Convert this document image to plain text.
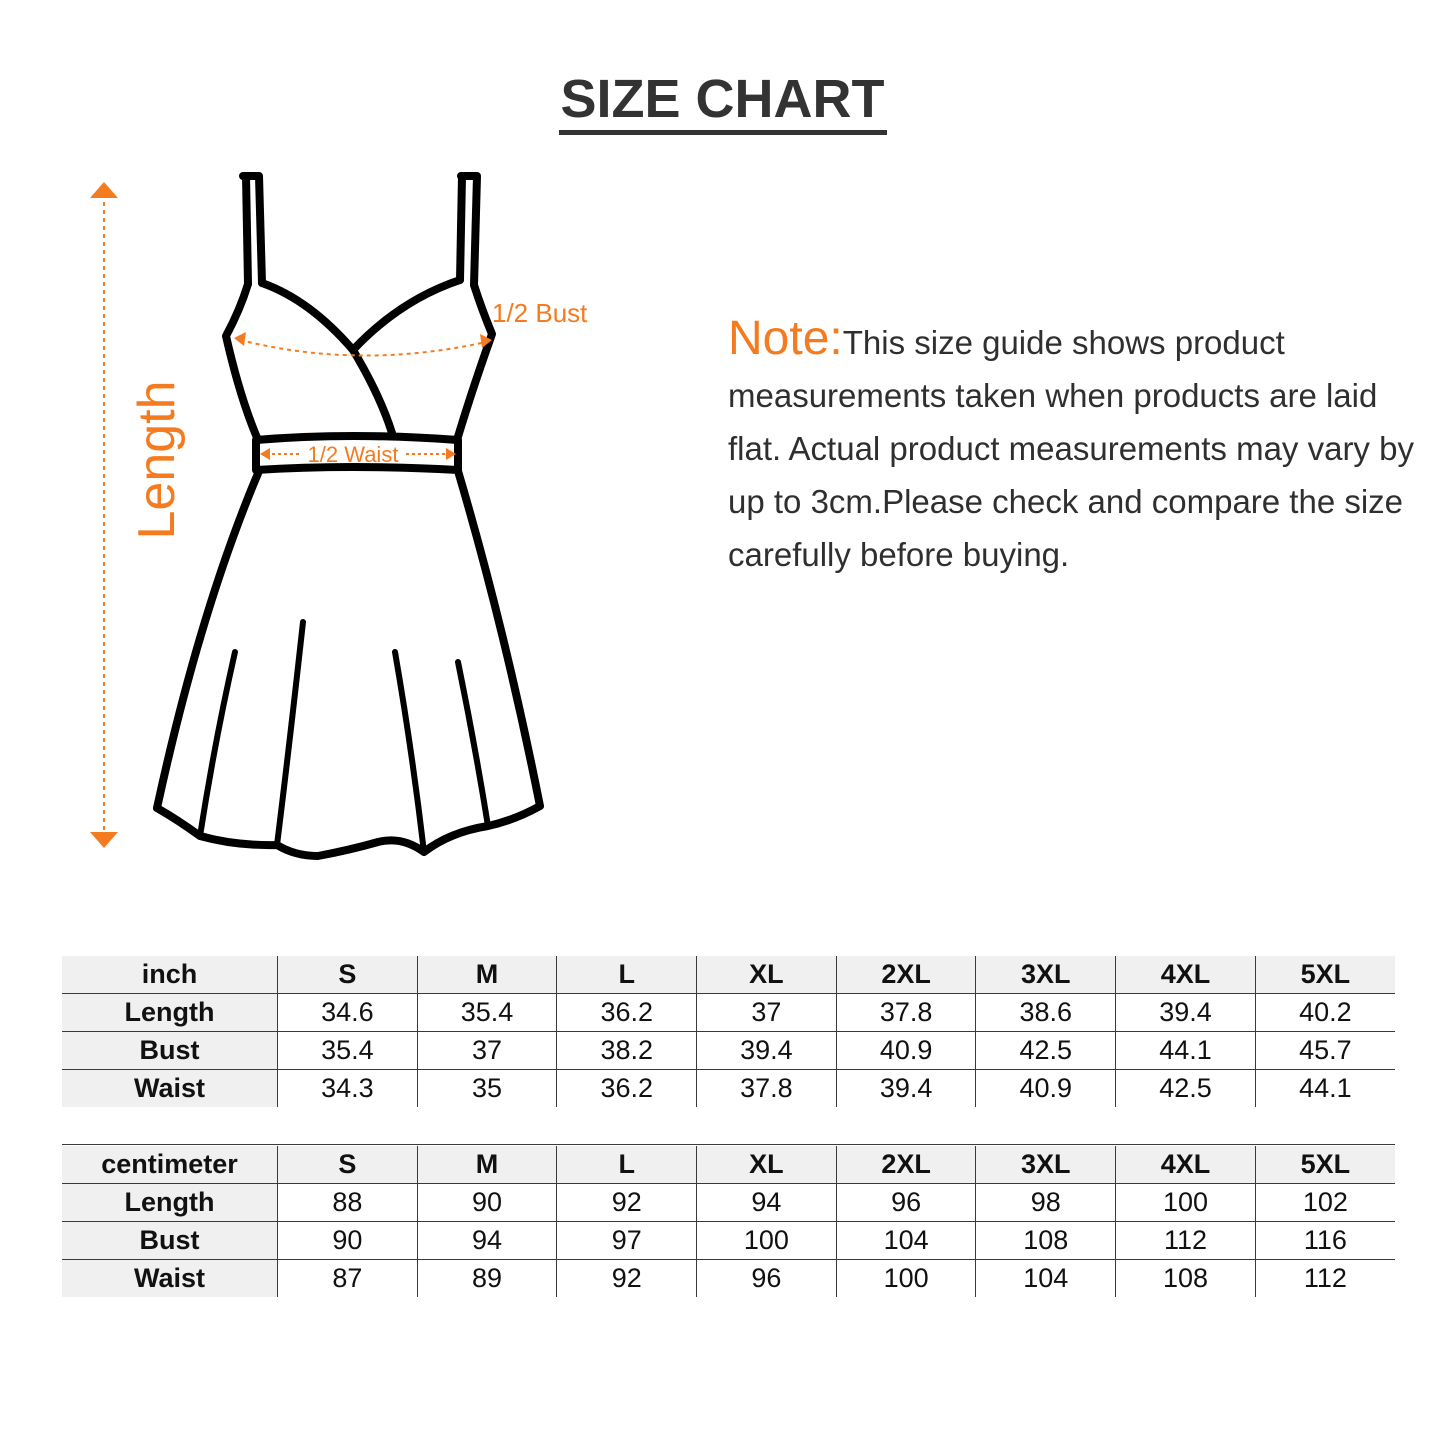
SIZE CHART
Length
1/2 Bust
1/2 Waist
Note:This size guide shows product measurements taken when products are laid flat. Actual product measurements may vary by up to 3cm.Please check and compare the size carefully before buying.
inch	S	M	L	XL	2XL	3XL	4XL	5XL
Length	34.6	35.4	36.2	37	37.8	38.6	39.4	40.2
Bust	35.4	37	38.2	39.4	40.9	42.5	44.1	45.7
Waist	34.3	35	36.2	37.8	39.4	40.9	42.5	44.1
centimeter	S	M	L	XL	2XL	3XL	4XL	5XL
Length	88	90	92	94	96	98	100	102
Bust	90	94	97	100	104	108	112	116
Waist	87	89	92	96	100	104	108	112
